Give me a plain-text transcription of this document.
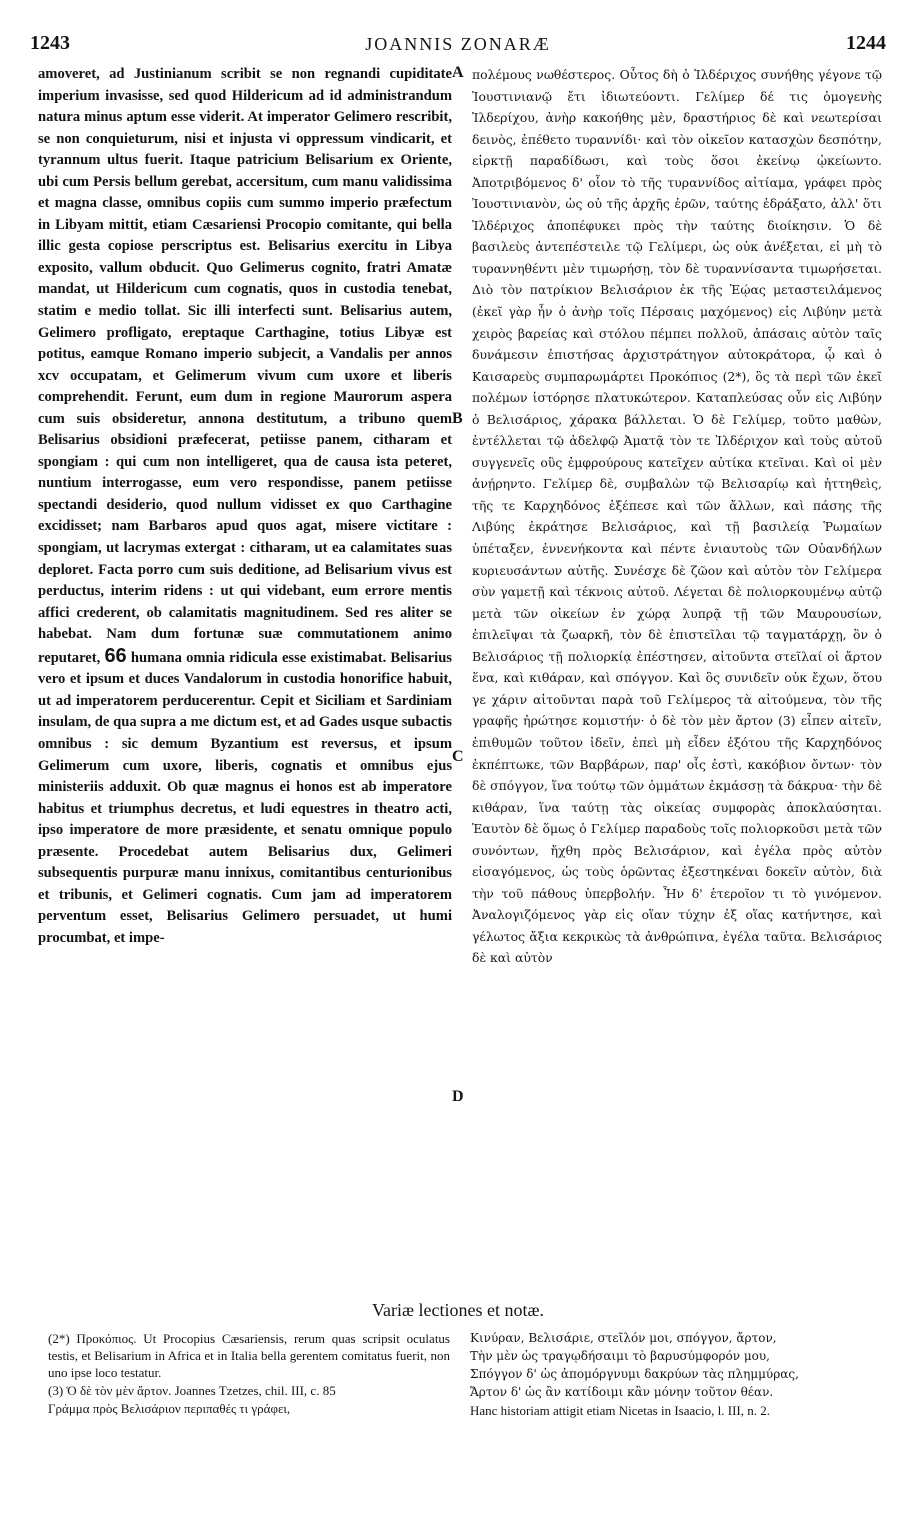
1243	JOANNIS ZONARÆ	1244

amoveret, ad Justinianum scribit se non regnandi cupiditate imperium invasisse, sed quod Hildericum ad id administrandum natura minus aptum esse viderit. At imperator Gelimero rescribit, se non conquieturum, nisi et injusta vi oppressum vindicarit, et tyrannum ultus fuerit. Itaque patricium Belisarium ex Oriente, ubi cum Persis bellum gerebat, accersitum, cum manu validissima et magna classe, omnibus copiis cum summo imperio præfectum in Libyam mittit, etiam Cæsariensi Procopio comitante, qui bella illic gesta copiose perscriptus est. Belisarius exercitu in Libya exposito, vallum obducit. Quo Gelimerus cognito, fratri Amatæ mandat, ut Hildericum cum cognatis, quos in custodia tenebat, statim e medio tollat. Sic illi interfecti sunt. Belisarius autem, Gelimero profligato, ereptaque Carthagine, totius Libyæ est potitus, eamque Romano imperio subjecit, a Vandalis per annos xcv occupatam, et Gelimerum vivum cum uxore et liberis comprehendit. Ferunt, eum dum in regione Maurorum aspera cum suis obsideretur, annona destitutum, a tribuno quem Belisarius obsidioni præfecerat, petiisse panem, citharam et spongiam : qui cum non intelligeret, qua de causa ista peteret, nuntium interrogasse, eum vero respondisse, panem petiisse spectandi desiderio, quod nullum vidisset ex quo Carthagine excidisset; nam Barbaros apud quos agat, misere victitare : spongiam, ut lacrymas extergat : citharam, ut ea calamitates suas deploret. Facta porro cum suis deditione, ad Belisarium vivus est perductus, interim ridens : ut qui videbant, eum errore mentis affici crederent, ob calamitatis magnitudinem. Sed res aliter se habebat. Nam dum fortunæ suæ commutationem animo reputaret, 66 humana omnia ridicula esse existimabat. Belisarius vero et ipsum et duces Vandalorum in custodia honorifice habuit, ut ad imperatorem perducerentur. Cepit et Siciliam et Sardiniam insulam, de qua supra a me dictum est, et ad Gades usque subactis omnibus : sic demum Byzantium est reversus, et ipsum Gelimerum cum uxore, liberis, cognatis et omnibus ejus ministeriis adduxit. Ob quæ magnus ei honos est ab imperatore habitus et triumphus decretus, et ludi equestres in theatro acti, ipso imperatore de more præsidente, et senatu omnique populo præsente. Procedebat autem Belisarius dux, Gelimeri subsequentis purpuræ manu innixus, comitantibus centurionibus et tribunis, et Gelimeri cognatis. Cum jam ad imperatorem perventum esset, Belisarius Gelimero persuadet, ut humi procumbat, et impe-

A
B
C
D

πολέμους νωθέστερος. Οὗτος δὴ ὁ Ἰλδέριχος συνήθης γέγονε τῷ Ἰουστινιανῷ ἔτι ἰδιωτεύοντι. Γελίμερ δέ τις ὁμογενὴς Ἰλδερίχου, ἀνὴρ κακοήθης μὲν, δραστήριος δὲ καὶ νεωτερίσαι δεινὸς, ἐπέθετο τυραννίδι· καὶ τὸν οἰκεῖον κατασχὼν δεσπότην, εἱρκτῇ παραδίδωσι, καὶ τοὺς ὅσοι ἐκείνῳ ᾠκείωντο. Ἀποτριβόμενος δ' οἷον τὸ τῆς τυραννίδος αἰτίαμα, γράφει πρὸς Ἰουστινιανὸν, ὡς οὐ τῆς ἀρχῆς ἐρῶν, ταύτης ἐδράξατο, ἀλλ' ὅτι Ἰλδέριχος ἀποπέφυκει πρὸς τὴν ταύτης διοίκησιν. Ὁ δὲ βασιλεὺς ἀντεπέστειλε τῷ Γελίμερι, ὡς οὐκ ἀνέξεται, εἰ μὴ τὸ τυραννηθέντι μὲν τιμωρήσῃ, τὸν δὲ τυραννίσαντα τιμωρήσεται. Διὸ τὸν πατρίκιον Βελισάριον ἐκ τῆς Ἑῴας μεταστειλάμενος (ἐκεῖ γὰρ ἦν ὁ ἀνὴρ τοῖς Πέρσαις μαχόμενος) εἰς Λιβύην μετὰ χειρὸς βαρείας καὶ στόλου πέμπει πολλοῦ, ἁπάσαις αὐτὸν ταῖς δυνάμεσιν ἐπιστήσας ἀρχιστράτηγον αὐτοκράτορα, ᾧ καὶ ὁ Καισαρεὺς συμπαρωμάρτει Προκόπιος (2*), ὃς τὰ περὶ τῶν ἐκεῖ πολέμων ἱστόρησε πλατυκώτερον. Καταπλεύσας οὖν εἰς Λιβύην ὁ Βελισάριος, χάρακα βάλλεται. Ὁ δὲ Γελίμερ, τοῦτο μαθὼν, ἐντέλλεται τῷ ἀδελφῷ Ἀματᾷ τὸν τε Ἰλδέριχον καὶ τοὺς αὐτοῦ συγγενεῖς οὓς ἐμφρούρους κατεῖχεν αὐτίκα κτεῖναι. Καὶ οἱ μὲν ἀνῄρηντο. Γελίμερ δὲ, συμβαλὼν τῷ Βελισαρίῳ καὶ ἡττηθεὶς, τῆς τε Καρχηδόνος ἐξέπεσε καὶ τῶν ἄλλων, καὶ πάσης τῆς Λιβύης ἐκράτησε Βελισάριος, καὶ τῇ βασιλείᾳ Ῥωμαίων ὑπέταξεν, ἐννενήκοντα καὶ πέντε ἐνιαυτοὺς τῶν Οὐανδήλων κυριευσάντων αὐτῆς. Συνέσχε δὲ ζῶον καὶ αὐτὸν τὸν Γελίμερα σὺν γαμετῇ καὶ τέκνοις αὐτοῦ. Λέγεται δὲ πολιορκουμένῳ αὐτῷ μετὰ τῶν οἰκείων ἐν χώρᾳ λυπρᾷ τῇ τῶν Μαυρουσίων, ἐπιλεῖψαι τὰ ζωαρκῆ, τὸν δὲ ἐπιστεῖλαι τῷ ταγματάρχῃ, ὃν ὁ Βελισάριος τῇ πολιορκίᾳ ἐπέστησεν, αἰτοῦντα στεῖλαί οἱ ἄρτον ἕνα, καὶ κιθάραν, καὶ σπόγγον. Καὶ ὃς συνιδεῖν οὐκ ἔχων, ὅτου γε χάριν αἰτοῦνται παρὰ τοῦ Γελίμερος τὰ αἰτούμενα, τὸν τῆς γραφῆς ἠρώτησε κομιστήν· ὁ δὲ τὸν μὲν ἄρτον (3) εἶπεν αἰτεῖν, ἐπιθυμῶν τοῦτον ἰδεῖν, ἐπεὶ μὴ εἶδεν ἐξότου τῆς Καρχηδόνος ἐκπέπτωκε, τῶν Βαρβάρων, παρ' οἷς ἐστὶ, κακόβιον ὄντων· τὸν δὲ σπόγγον, ἵνα τούτῳ τῶν ὀμμάτων ἐκμάσσῃ τὰ δάκρυα· τὴν δὲ κιθάραν, ἵνα ταύτῃ τὰς οἰκείας συμφορὰς ἀποκλαύσηται. Ἑαυτὸν δὲ ὅμως ὁ Γελίμερ παραδοὺς τοῖς πολιορκοῦσι μετὰ τῶν συνόντων, ἤχθη πρὸς Βελισάριον, καὶ ἐγέλα πρὸς αὐτὸν εἰσαγόμενος, ὡς τοὺς ὁρῶντας ἐξεστηκέναι δοκεῖν αὐτὸν, διὰ τὴν τοῦ πάθους ὑπερβολήν. Ἦν δ' ἑτεροῖον τι τὸ γινόμενον. Ἀναλογιζόμενος γὰρ εἰς οἵαν τύχην ἐξ οἵας κατήντησε, καὶ γέλωτος ἄξια κεκρικὼς τὰ ἀνθρώπινα, ἐγέλα ταῦτα. Βελισάριος δὲ καὶ αὐτὸν

Variæ lectiones et notæ.

(2*) Προκόπιος. Ut Procopius Cæsariensis, rerum quas scripsit oculatus testis, et Belisarium in Africa et in Italia bella gerentem comitatus fuerit, non uno ipse loco testatur.

(3) Ὁ δὲ τὸν μὲν ἄρτον. Joannes Tzetzes, chil. III, c. 85

Γράμμα πρὸς Βελισάριον περιπαθές τι γράφει,

Κινύραν, Βελισάριε, στεῖλόν μοι, σπόγγον, ἄρτον,

Τὴν μὲν ὡς τραγῳδήσαιμι τὸ βαρυσύμφορόν μου,

Σπόγγον δ' ὡς ἀπομόργνυμι δακρύων τὰς πλημμύρας,

Ἄρτον δ' ὡς ἂν κατίδοιμι κἂν μόνην τοῦτον θέαν.

Hanc historiam attigit etiam Nicetas in Isaacio, l. III, n. 2.
